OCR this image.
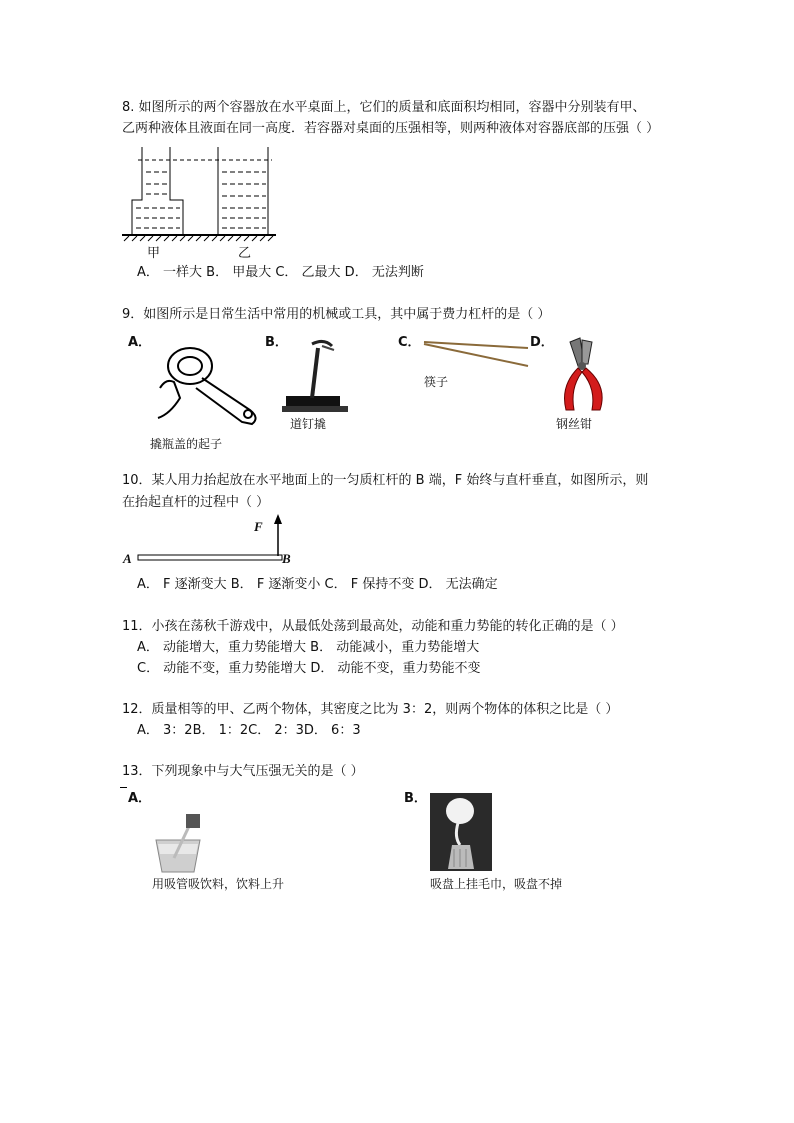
8. 如图所示的两个容器放在水平桌面上，它们的质量和底面积均相同，容器中分别装有甲、
乙两种液体且液面在同一高度．若容器对桌面的压强相等，则两种液体对容器底部的压强（ ）
甲	乙
A． 一样大 B． 甲最大 C． 乙最大 D． 无法判断
9．如图所示是日常生活中常用的机械或工具，其中属于费力杠杆的是（ ）
A．
撬瓶盖的起子
B．
道钉撬
C．
筷子
D．
钢丝钳
10．某人用力抬起放在水平地面上的一匀质杠杆的 B 端，F 始终与直杆垂直，如图所示，则
在抬起直杆的过程中（ ）
A	B
F
A． F 逐渐变大 B． F 逐渐变小 C． F 保持不变 D． 无法确定
11．小孩在荡秋千游戏中，从最低处荡到最高处，动能和重力势能的转化正确的是（ ）
A． 动能增大，重力势能增大 B． 动能减小，重力势能增大
C． 动能不变，重力势能增大 D． 动能不变，重力势能不变
12．质量相等的甲、乙两个物体，其密度之比为 3：2，则两个物体的体积之比是（ ）
A． 3：2B． 1：2C． 2：3D． 6：3
13．下列现象中与大气压强无关的是（ ）
A．
用吸管吸饮料，饮料上升
B．
吸盘上挂毛巾，吸盘不掉
